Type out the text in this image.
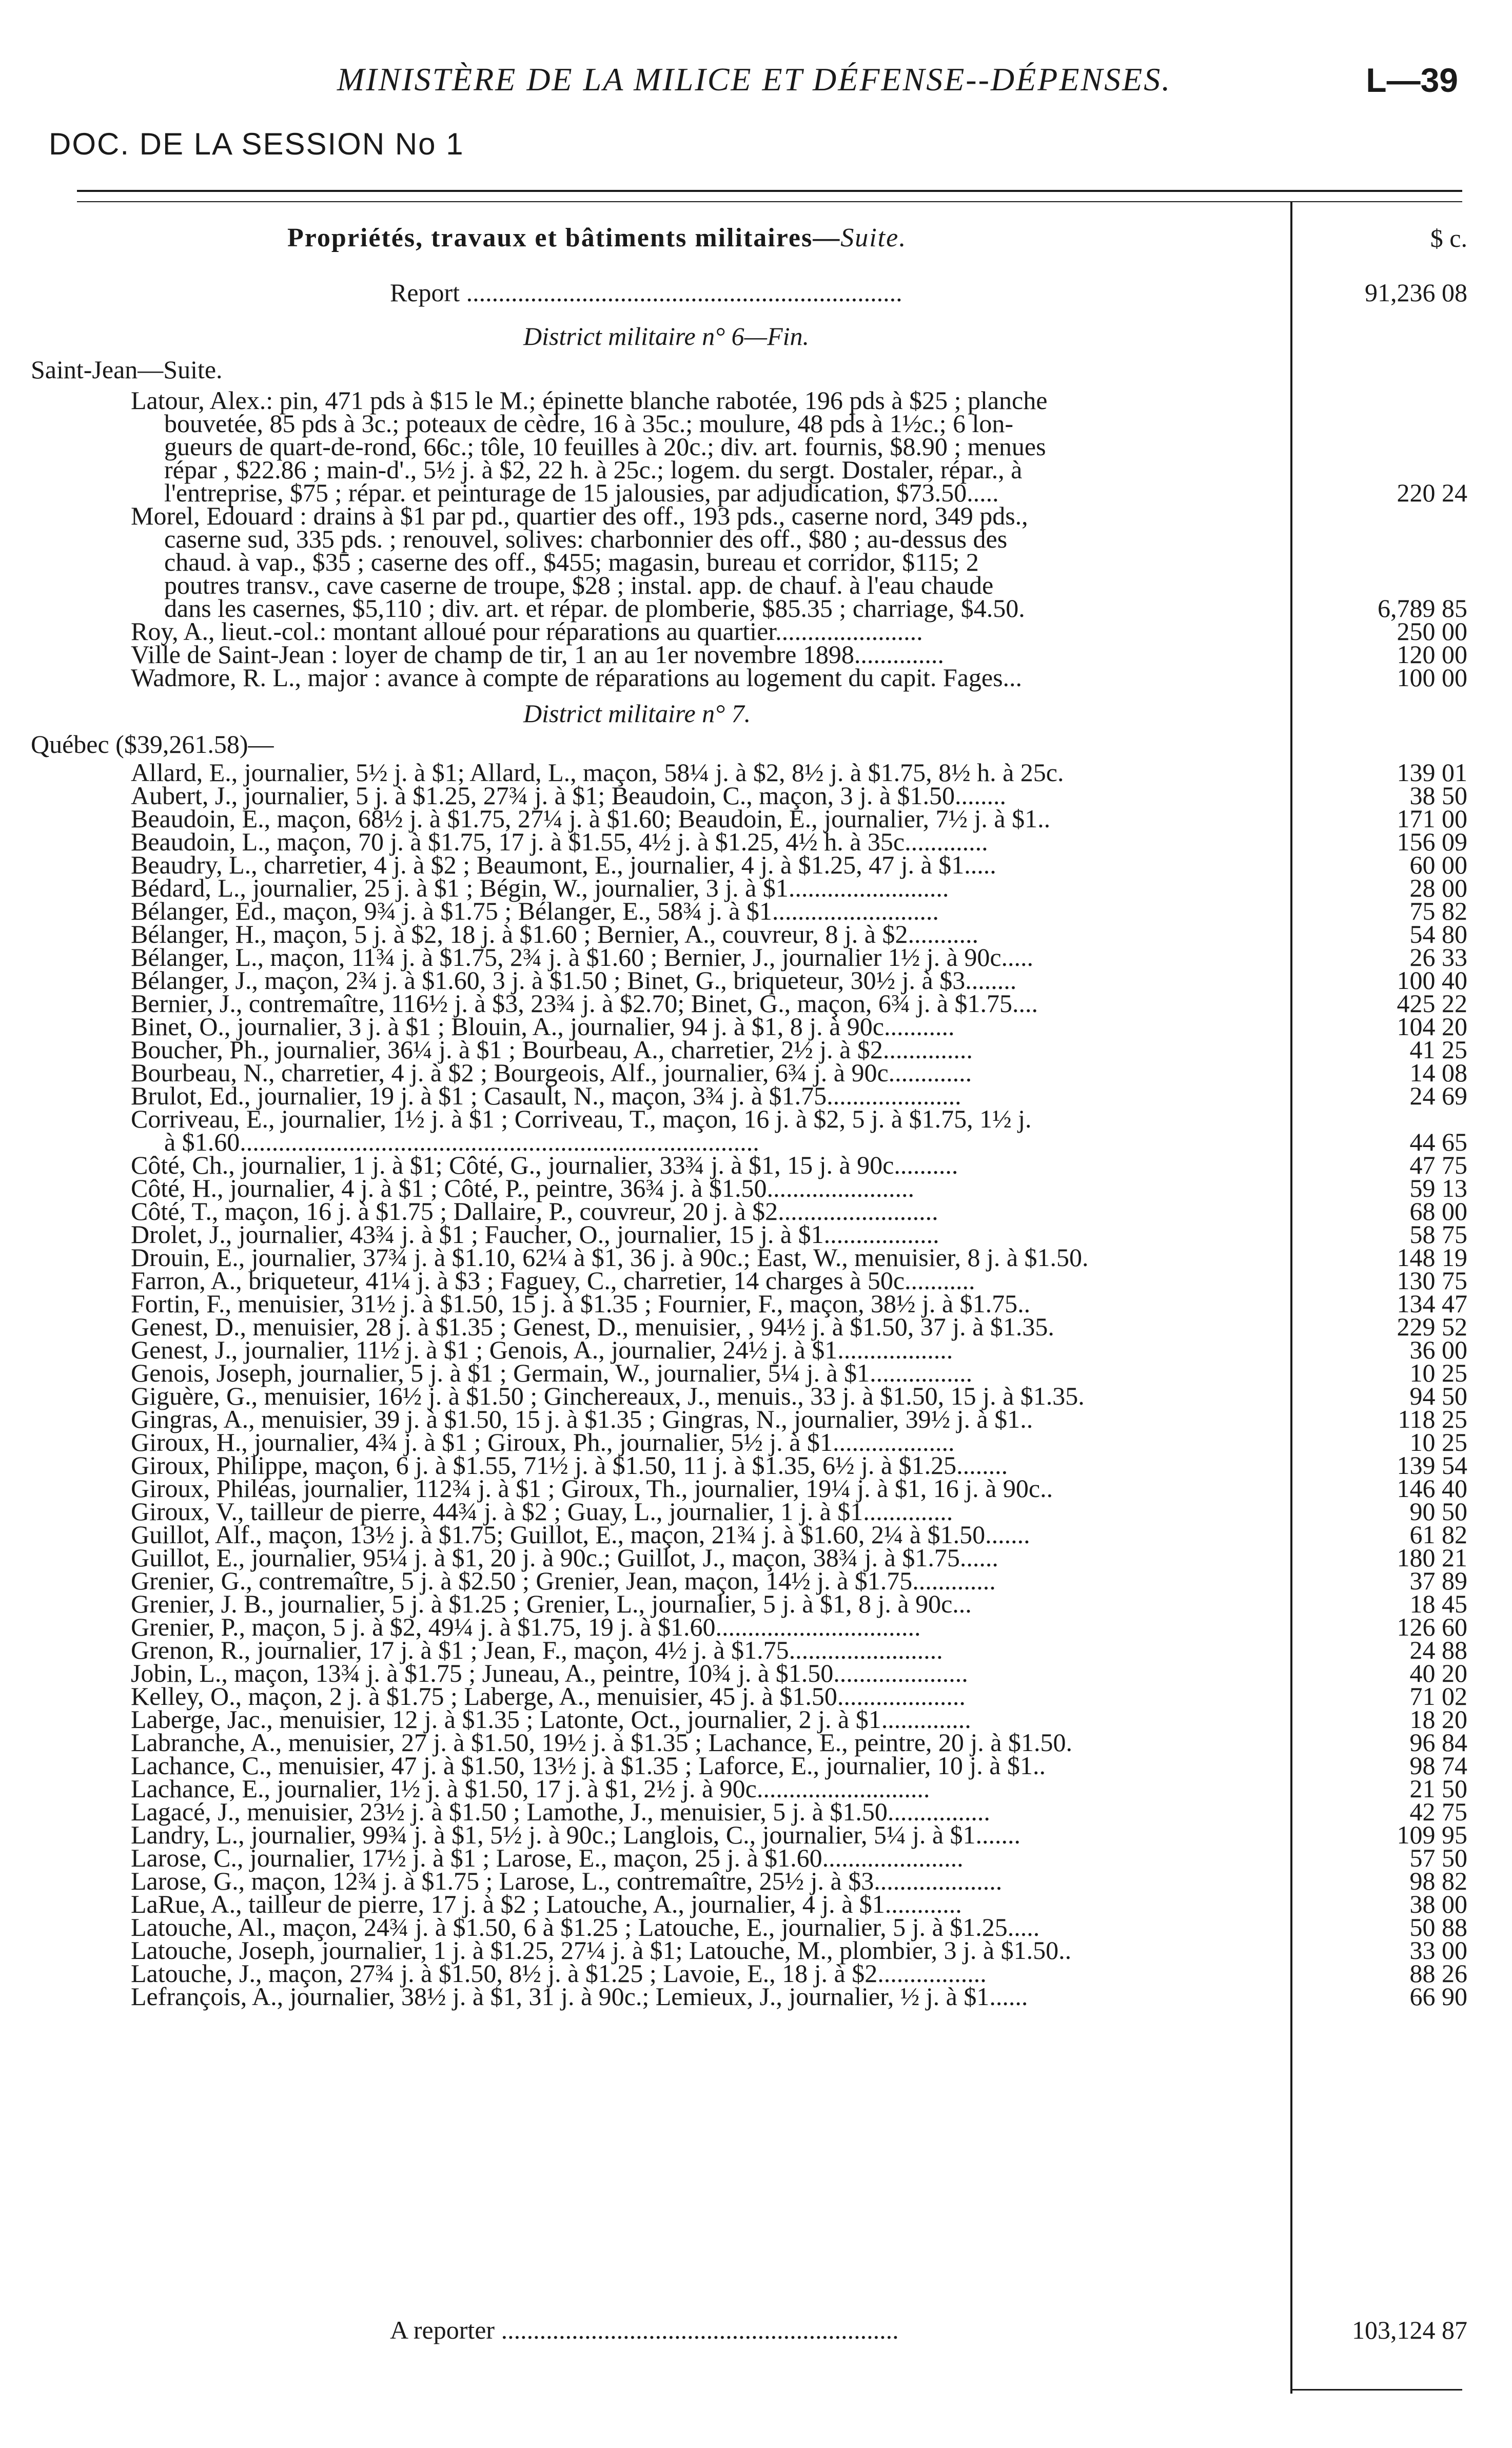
MINISTÈRE DE LA MILICE ET DÉFENSE--DÉPENSES.	L—39
DOC. DE LA SESSION No 1
Propriétés, travaux et bâtiments militaires—Suite.	$ c.
Report ....................................................................	91,236 08
District militaire n° 6—Fin.
Saint-Jean—Suite.
Latour, Alex.: pin, 471 pds à $15 le M.; épinette blanche rabotée, 196 pds à $25 ; planche
bouvetée, 85 pds à 3c.; poteaux de cèdre, 16 à 35c.; moulure, 48 pds à 1½c.; 6 lon-
gueurs de quart-de-rond, 66c.; tôle, 10 feuilles à 20c.; div. art. fournis, $8.90 ; menues
répar , $22.86 ; main-d'., 5½ j. à $2, 22 h. à 25c.; logem. du sergt. Dostaler, répar., à
l'entreprise, $75 ; répar. et peinturage de 15 jalousies, par adjudication, $73.50.....	220 24
Morel, Edouard : drains à $1 par pd., quartier des off., 193 pds., caserne nord, 349 pds.,
caserne sud, 335 pds. ; renouvel, solives: charbonnier des off., $80 ; au-dessus des
chaud. à vap., $35 ; caserne des off., $455; magasin, bureau et corridor, $115; 2
poutres transv., cave caserne de troupe, $28 ; instal. app. de chauf. à l'eau chaude
dans les casernes, $5,110 ; div. art. et répar. de plomberie, $85.35 ; charriage, $4.50.	6,789 85
Roy, A., lieut.-col.: montant alloué pour réparations au quartier.......................	250 00
Ville de Saint-Jean : loyer de champ de tir, 1 an au 1er novembre 1898..............	120 00
Wadmore, R. L., major : avance à compte de réparations au logement du capit. Fages...	100 00
District militaire n° 7.
Québec ($39,261.58)—
Allard, E., journalier, 5½ j. à $1; Allard, L., maçon, 58¼ j. à $2, 8½ j. à $1.75, 8½ h. à 25c.	139 01
Aubert, J., journalier, 5 j. à $1.25, 27¾ j. à $1; Beaudoin, C., maçon, 3 j. à $1.50........	38 50
Beaudoin, E., maçon, 68½ j. à $1.75, 27¼ j. à $1.60; Beaudoin, E., journalier, 7½ j. à $1..	171 00
Beaudoin, L., maçon, 70 j. à $1.75, 17 j. à $1.55, 4½ j. à $1.25, 4½ h. à 35c.............	156 09
Beaudry, L., charretier, 4 j. à $2 ; Beaumont, E., journalier, 4 j. à $1.25, 47 j. à $1.....	60 00
Bédard, L., journalier, 25 j. à $1 ; Bégin, W., journalier, 3 j. à $1.........................	28 00
Bélanger, Ed., maçon, 9¾ j. à $1.75 ; Bélanger, E., 58¾ j. à $1..........................	75 82
Bélanger, H., maçon, 5 j. à $2, 18 j. à $1.60 ; Bernier, A., couvreur, 8 j. à $2...........	54 80
Bélanger, L., maçon, 11¾ j. à $1.75, 2¾ j. à $1.60 ; Bernier, J., journalier 1½ j. à 90c.....	26 33
Bélanger, J., maçon, 2¾ j. à $1.60, 3 j. à $1.50 ; Binet, G., briqueteur, 30½ j. à $3........	100 40
Bernier, J., contremaître, 116½ j. à $3, 23¾ j. à $2.70; Binet, G., maçon, 6¾ j. à $1.75....	425 22
Binet, O., journalier, 3 j. à $1 ; Blouin, A., journalier, 94 j. à $1, 8 j. à 90c...........	104 20
Boucher, Ph., journalier, 36¼ j. à $1 ; Bourbeau, A., charretier, 2½ j. à $2..............	41 25
Bourbeau, N., charretier, 4 j. à $2 ; Bourgeois, Alf., journalier, 6¾ j. à 90c.............	14 08
Brulot, Ed., journalier, 19 j. à $1 ; Casault, N., maçon, 3¾ j. à $1.75.....................	24 69
Corriveau, E., journalier, 1½ j. à $1 ; Corriveau, T., maçon, 16 j. à $2, 5 j. à $1.75, 1½ j.
à $1.60.................................................................................	44 65
Côté, Ch., journalier, 1 j. à $1; Côté, G., journalier, 33¾ j. à $1, 15 j. à 90c..........	47 75
Côté, H., journalier, 4 j. à $1 ; Côté, P., peintre, 36¾ j. à $1.50.......................	59 13
Côté, T., maçon, 16 j. à $1.75 ; Dallaire, P., couvreur, 20 j. à $2.........................	68 00
Drolet, J., journalier, 43¾ j. à $1 ; Faucher, O., journalier, 15 j. à $1..................	58 75
Drouin, E., journalier, 37¾ j. à $1.10, 62¼ à $1, 36 j. à 90c.; East, W., menuisier, 8 j. à $1.50.	148 19
Farron, A., briqueteur, 41¼ j. à $3 ; Faguey, C., charretier, 14 charges à 50c...........	130 75
Fortin, F., menuisier, 31½ j. à $1.50, 15 j. à $1.35 ; Fournier, F., maçon, 38½ j. à $1.75..	134 47
Genest, D., menuisier, 28 j. à $1.35 ; Genest, D., menuisier, , 94½ j. à $1.50, 37 j. à $1.35.	229 52
Genest, J., journalier, 11½ j. à $1 ; Genois, A., journalier, 24½ j. à $1..................	36 00
Genois, Joseph, journalier, 5 j. à $1 ; Germain, W., journalier, 5¼ j. à $1................	10 25
Giguère, G., menuisier, 16½ j. à $1.50 ; Ginchereaux, J., menuis., 33 j. à $1.50, 15 j. à $1.35.	94 50
Gingras, A., menuisier, 39 j. à $1.50, 15 j. à $1.35 ; Gingras, N., journalier, 39½ j. à $1..	118 25
Giroux, H., journalier, 4¾ j. à $1 ; Giroux, Ph., journalier, 5½ j. à $1...................	10 25
Giroux, Philippe, maçon, 6 j. à $1.55, 71½ j. à $1.50, 11 j. à $1.35, 6½ j. à $1.25........	139 54
Giroux, Philéas, journalier, 112¾ j. à $1 ; Giroux, Th., journalier, 19¼ j. à $1, 16 j. à 90c..	146 40
Giroux, V., tailleur de pierre, 44¾ j. à $2 ; Guay, L., journalier, 1 j. à $1..............	90 50
Guillot, Alf., maçon, 13½ j. à $1.75; Guillot, E., maçon, 21¾ j. à $1.60, 2¼ à $1.50.......	61 82
Guillot, E., journalier, 95¼ j. à $1, 20 j. à 90c.; Guillot, J., maçon, 38¾ j. à $1.75......	180 21
Grenier, G., contremaître, 5 j. à $2.50 ; Grenier, Jean, maçon, 14½ j. à $1.75.............	37 89
Grenier, J. B., journalier, 5 j. à $1.25 ; Grenier, L., journalier, 5 j. à $1, 8 j. à 90c...	18 45
Grenier, P., maçon, 5 j. à $2, 49¼ j. à $1.75, 19 j. à $1.60................................	126 60
Grenon, R., journalier, 17 j. à $1 ; Jean, F., maçon, 4½ j. à $1.75........................	24 88
Jobin, L., maçon, 13¾ j. à $1.75 ; Juneau, A., peintre, 10¾ j. à $1.50.....................	40 20
Kelley, O., maçon, 2 j. à $1.75 ; Laberge, A., menuisier, 45 j. à $1.50....................	71 02
Laberge, Jac., menuisier, 12 j. à $1.35 ; Latonte, Oct., journalier, 2 j. à $1..............	18 20
Labranche, A., menuisier, 27 j. à $1.50, 19½ j. à $1.35 ; Lachance, E., peintre, 20 j. à $1.50.	96 84
Lachance, C., menuisier, 47 j. à $1.50, 13½ j. à $1.35 ; Laforce, E., journalier, 10 j. à $1..	98 74
Lachance, E., journalier, 1½ j. à $1.50, 17 j. à $1, 2½ j. à 90c...........................	21 50
Lagacé, J., menuisier, 23½ j. à $1.50 ; Lamothe, J., menuisier, 5 j. à $1.50................	42 75
Landry, L., journalier, 99¾ j. à $1, 5½ j. à 90c.; Langlois, C., journalier, 5¼ j. à $1.......	109 95
Larose, C., journalier, 17½ j. à $1 ; Larose, E., maçon, 25 j. à $1.60......................	57 50
Larose, G., maçon, 12¾ j. à $1.75 ; Larose, L., contremaître, 25½ j. à $3....................	98 82
LaRue, A., tailleur de pierre, 17 j. à $2 ; Latouche, A., journalier, 4 j. à $1............	38 00
Latouche, Al., maçon, 24¾ j. à $1.50, 6 à $1.25 ; Latouche, E., journalier, 5 j. à $1.25.....	50 88
Latouche, Joseph, journalier, 1 j. à $1.25, 27¼ j. à $1; Latouche, M., plombier, 3 j. à $1.50..	33 00
Latouche, J., maçon, 27¾ j. à $1.50, 8½ j. à $1.25 ; Lavoie, E., 18 j. à $2.................	88 26
Lefrançois, A., journalier, 38½ j. à $1, 31 j. à 90c.; Lemieux, J., journalier, ½ j. à $1......	66 90
A reporter ..............................................................	103,124 87
